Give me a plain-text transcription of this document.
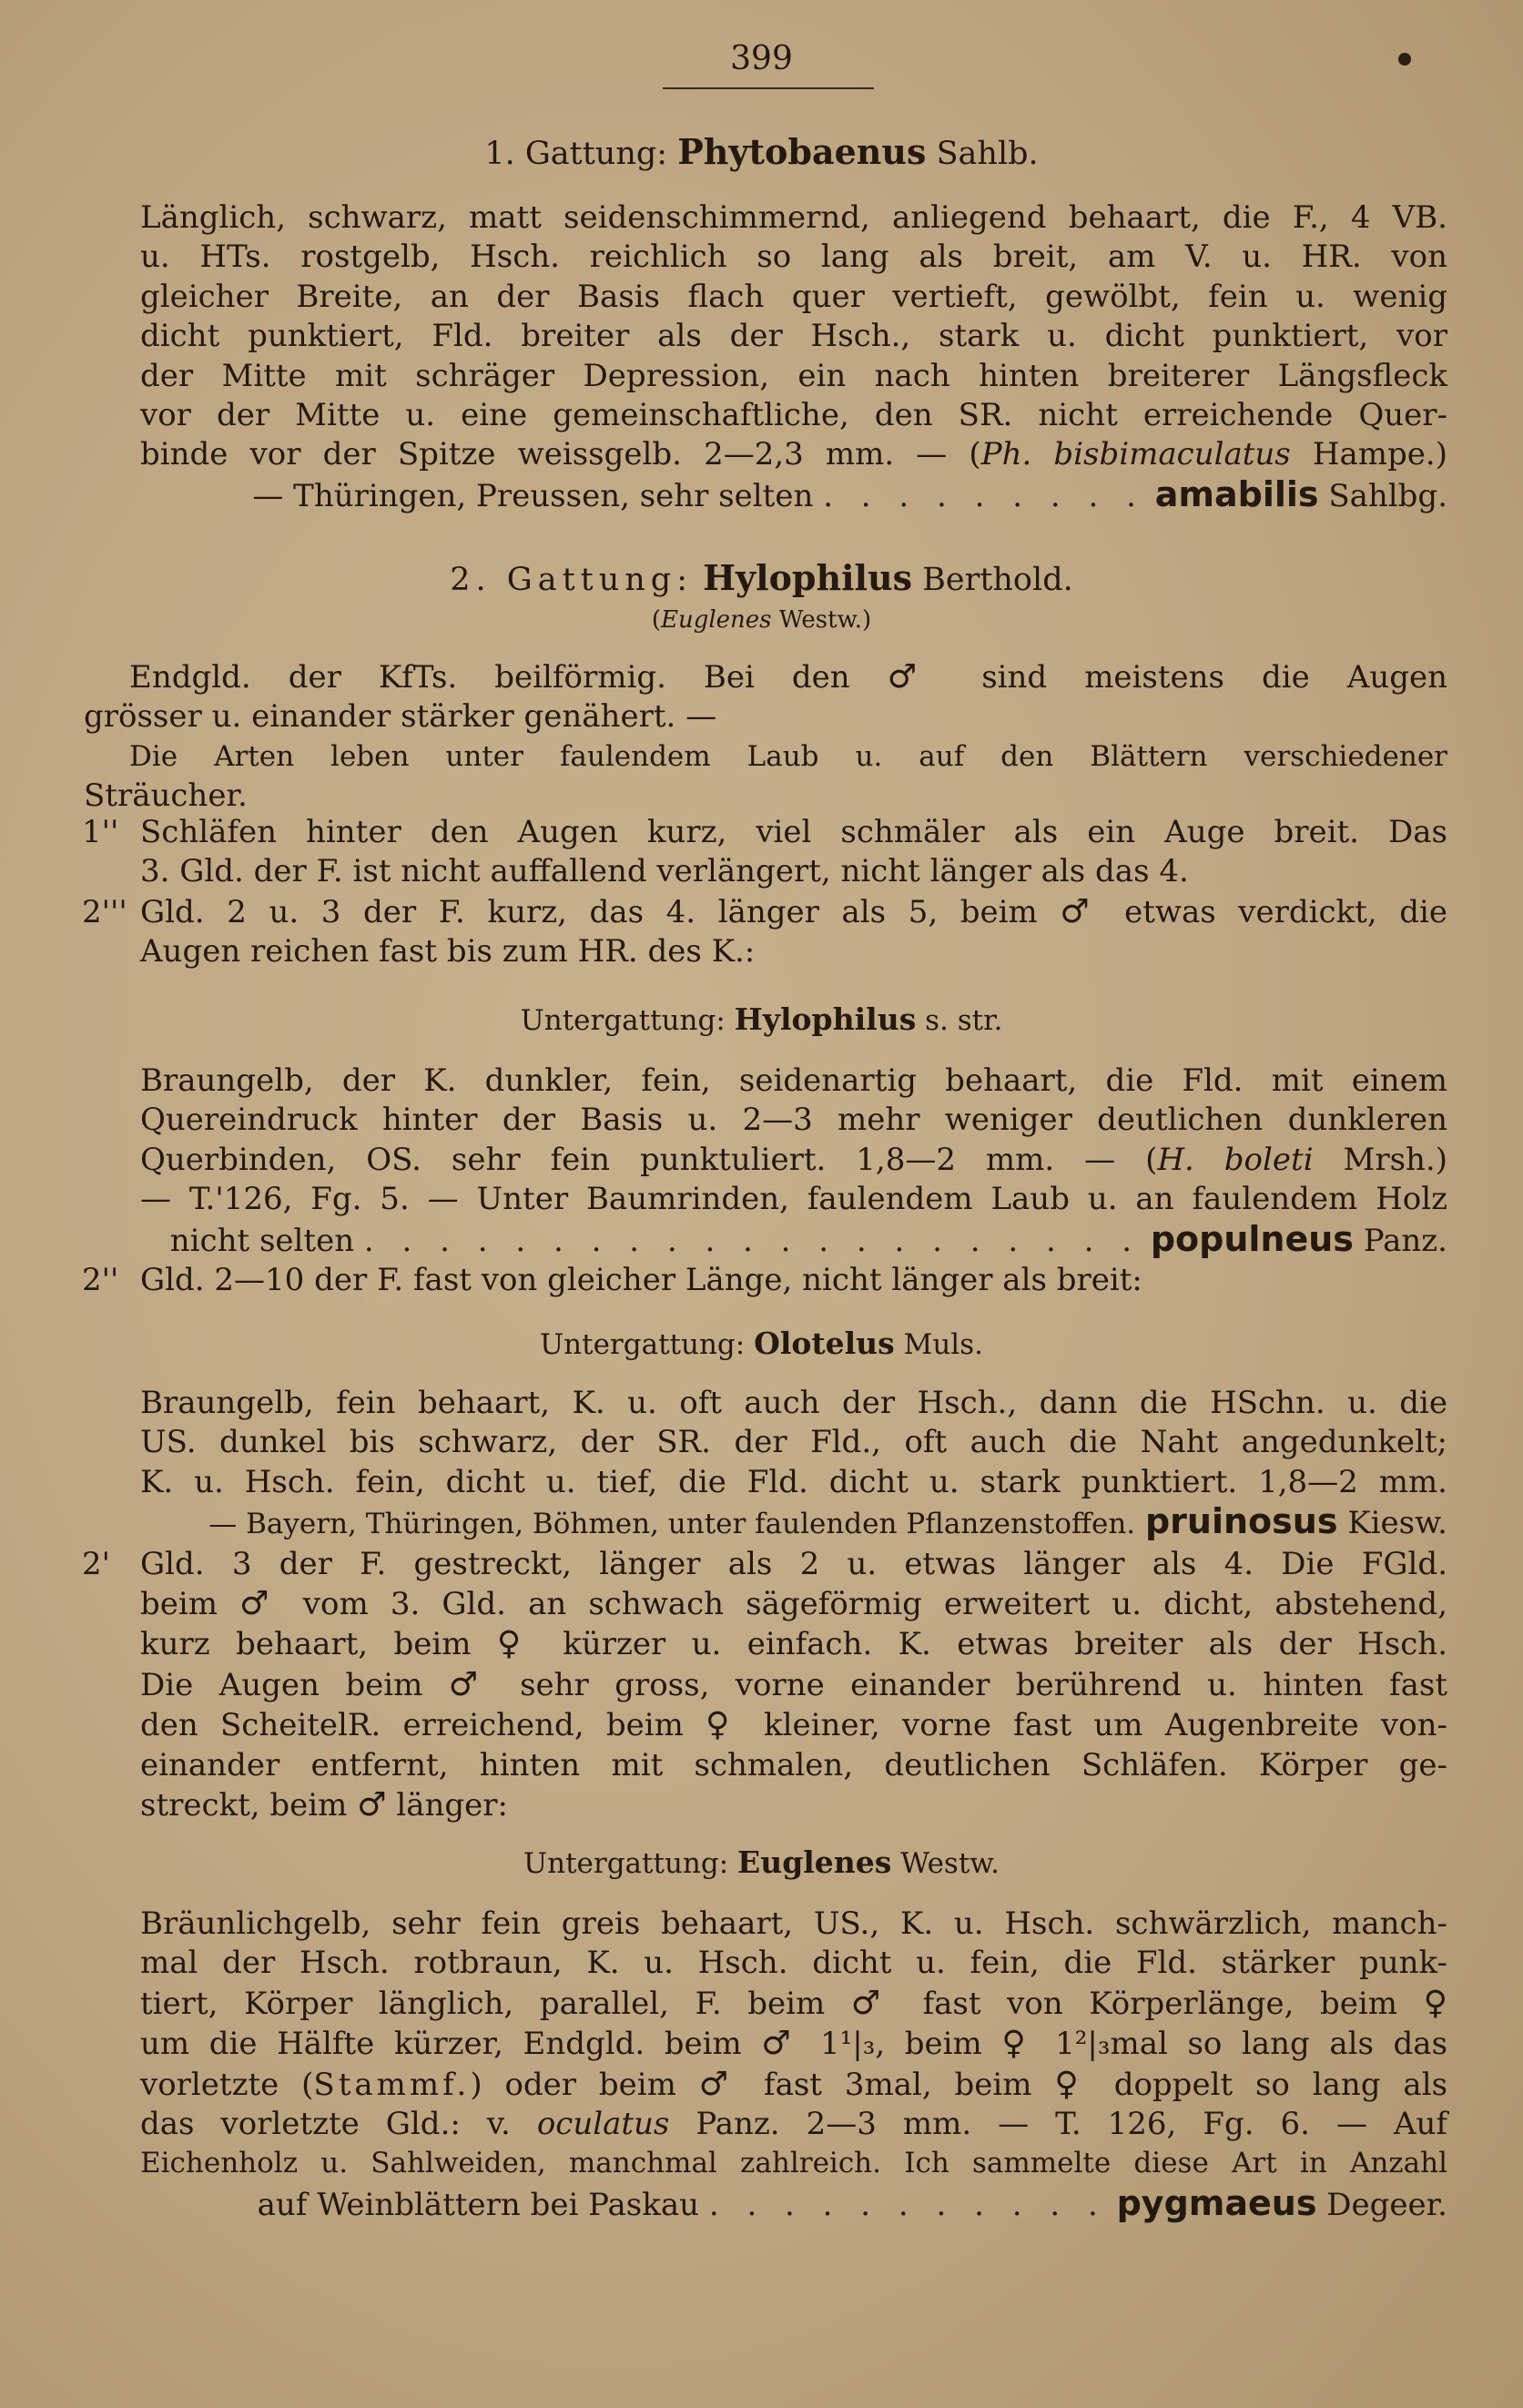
399
1. Gattung: Phytobaenus Sahlb.
Länglich, schwarz, matt seidenschimmernd, anliegend behaart, die F., 4 VB.
u. HTs. rostgelb, Hsch. reichlich so lang als breit, am V. u. HR. von
gleicher Breite, an der Basis flach quer vertieft, gewölbt, fein u. wenig
dicht punktiert, Fld. breiter als der Hsch., stark u. dicht punktiert, vor
der Mitte mit schräger Depression, ein nach hinten breiterer Längsfleck
vor der Mitte u. eine gemeinschaftliche, den SR. nicht erreichende Quer-
binde vor der Spitze weissgelb. 2—2,3 mm. — (Ph. bisbimaculatus Hampe.)
— Thüringen, Preussen, sehr selten . . . . . . . . . amabilis Sahlbg.
2. Gattung: Hylophilus Berthold.
(Euglenes Westw.)
Endgld. der KfTs. beilförmig. Bei den ♂ sind meistens die Augen
grösser u. einander stärker genähert. —
Die Arten leben unter faulendem Laub u. auf den Blättern verschiedener
Sträucher.
1'' Schläfen hinter den Augen kurz, viel schmäler als ein Auge breit. Das
3. Gld. der F. ist nicht auffallend verlängert, nicht länger als das 4.
2''' Gld. 2 u. 3 der F. kurz, das 4. länger als 5, beim ♂ etwas verdickt, die
Augen reichen fast bis zum HR. des K.:
Untergattung: Hylophilus s. str.
Braungelb, der K. dunkler, fein, seidenartig behaart, die Fld. mit einem
Quereindruck hinter der Basis u. 2—3 mehr weniger deutlichen dunkleren
Querbinden, OS. sehr fein punktuliert. 1,8—2 mm. — (H. boleti Mrsh.)
— T.'126, Fg. 5. — Unter Baumrinden, faulendem Laub u. an faulendem Holz
nicht selten . . . . . . . . . . . . . . . . . . . . . populneus Panz.
2'' Gld. 2—10 der F. fast von gleicher Länge, nicht länger als breit:
Untergattung: Olotelus Muls.
Braungelb, fein behaart, K. u. oft auch der Hsch., dann die HSchn. u. die
US. dunkel bis schwarz, der SR. der Fld., oft auch die Naht angedunkelt;
K. u. Hsch. fein, dicht u. tief, die Fld. dicht u. stark punktiert. 1,8—2 mm.
— Bayern, Thüringen, Böhmen, unter faulenden Pflanzenstoffen. pruinosus Kiesw.
2' Gld. 3 der F. gestreckt, länger als 2 u. etwas länger als 4. Die FGld.
beim ♂ vom 3. Gld. an schwach sägeförmig erweitert u. dicht, abstehend,
kurz behaart, beim ♀ kürzer u. einfach. K. etwas breiter als der Hsch.
Die Augen beim ♂ sehr gross, vorne einander berührend u. hinten fast
den ScheitelR. erreichend, beim ♀ kleiner, vorne fast um Augenbreite von-
einander entfernt, hinten mit schmalen, deutlichen Schläfen. Körper ge-
streckt, beim ♂ länger:
Untergattung: Euglenes Westw.
Bräunlichgelb, sehr fein greis behaart, US., K. u. Hsch. schwärzlich, manch-
mal der Hsch. rotbraun, K. u. Hsch. dicht u. fein, die Fld. stärker punk-
tiert, Körper länglich, parallel, F. beim ♂ fast von Körperlänge, beim ♀
um die Hälfte kürzer, Endgld. beim ♂ 1¹|₃, beim ♀ 1²|₃mal so lang als das
vorletzte (Stammf.) oder beim ♂ fast 3mal, beim ♀ doppelt so lang als
das vorletzte Gld.: v. oculatus Panz. 2—3 mm. — T. 126, Fg. 6. — Auf
Eichenholz u. Sahlweiden, manchmal zahlreich. Ich sammelte diese Art in Anzahl
auf Weinblättern bei Paskau . . . . . . . . . . . pygmaeus Degeer.
